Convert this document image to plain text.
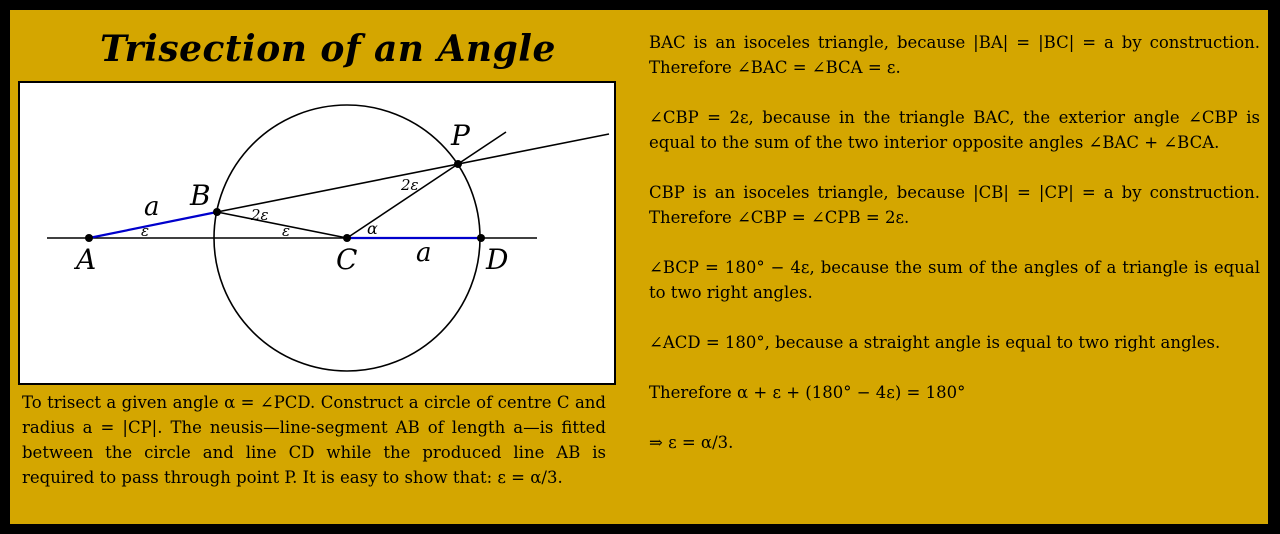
Trisection of an Angle
A
B
C	D
P
a
a
ε	ε
2ε
2ε
α
To trisect a given angle α = ∠PCD. Construct a circle of centre C and radius a = |CP|. The neusis—line-segment AB of length a—is fitted between the circle and line CD while the produced line AB is required to pass through point P. It is easy to show that: ε = α/3.

BAC is an isoceles triangle, because |BA| = |BC| = a by construction. Therefore ∠BAC = ∠BCA = ε.

∠CBP = 2ε, because in the triangle BAC, the exterior angle ∠CBP is equal to the sum of the two interior opposite angles ∠BAC + ∠BCA.

CBP is an isoceles triangle, because |CB| = |CP| = a by construction. Therefore ∠CBP = ∠CPB = 2ε.

∠BCP = 180° − 4ε, because the sum of the angles of a triangle is equal to two right angles.

∠ACD = 180°, because a straight angle is equal to two right angles.

Therefore α + ε + (180° − 4ε) = 180°

⇒ ε = α/3.
